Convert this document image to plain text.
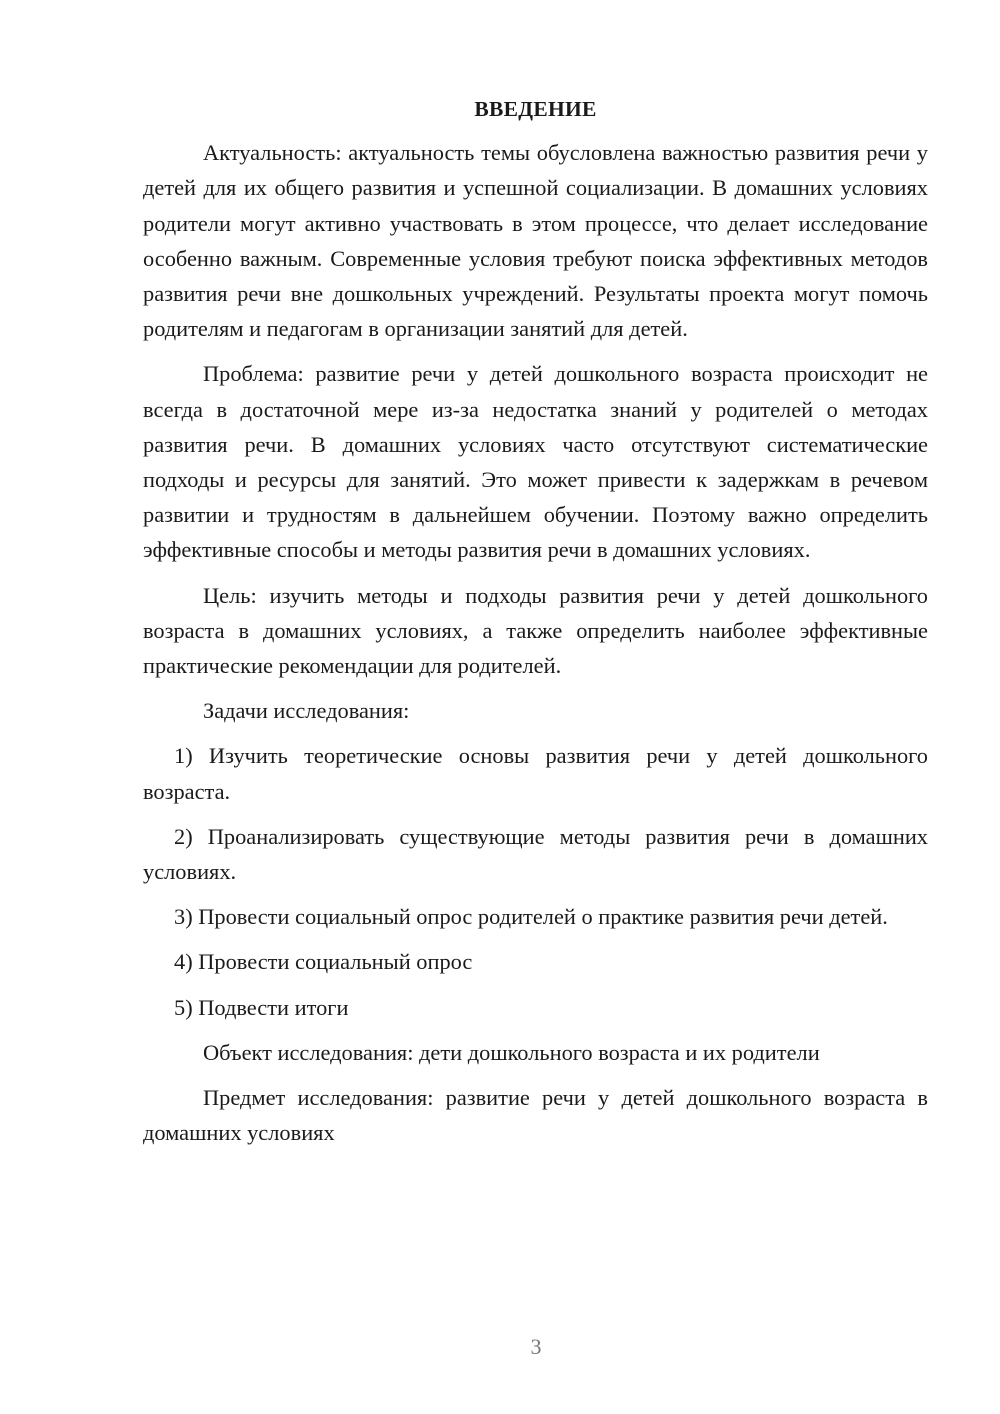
ВВЕДЕНИЕ

Актуальность: актуальность темы обусловлена важностью развития речи у детей для их общего развития и успешной социализации. В домашних условиях родители могут активно участвовать в этом процессе, что делает исследование особенно важным. Современные условия требуют поиска эффективных методов развития речи вне дошкольных учреждений. Результаты проекта могут помочь родителям и педагогам в организации занятий для детей.

Проблема: развитие речи у детей дошкольного возраста происходит не всегда в достаточной мере из-за недостатка знаний у родителей о методах развития речи. В домашних условиях часто отсутствуют систематические подходы и ресурсы для занятий. Это может привести к задержкам в речевом развитии и трудностям в дальнейшем обучении. Поэтому важно определить эффективные способы и методы развития речи в домашних условиях.

Цель: изучить методы и подходы развития речи у детей дошкольного возраста в домашних условиях, а также определить наиболее эффективные практические рекомендации для родителей.

Задачи исследования:

1) Изучить теоретические основы развития речи у детей дошкольного возраста.

2) Проанализировать существующие методы развития речи в домашних условиях.

3) Провести социальный опрос родителей о практике развития речи детей.

4) Провести социальный опрос

5) Подвести итоги

Объект исследования: дети дошкольного возраста и их родители

Предмет исследования: развитие речи у детей дошкольного возраста в домашних условиях

3
